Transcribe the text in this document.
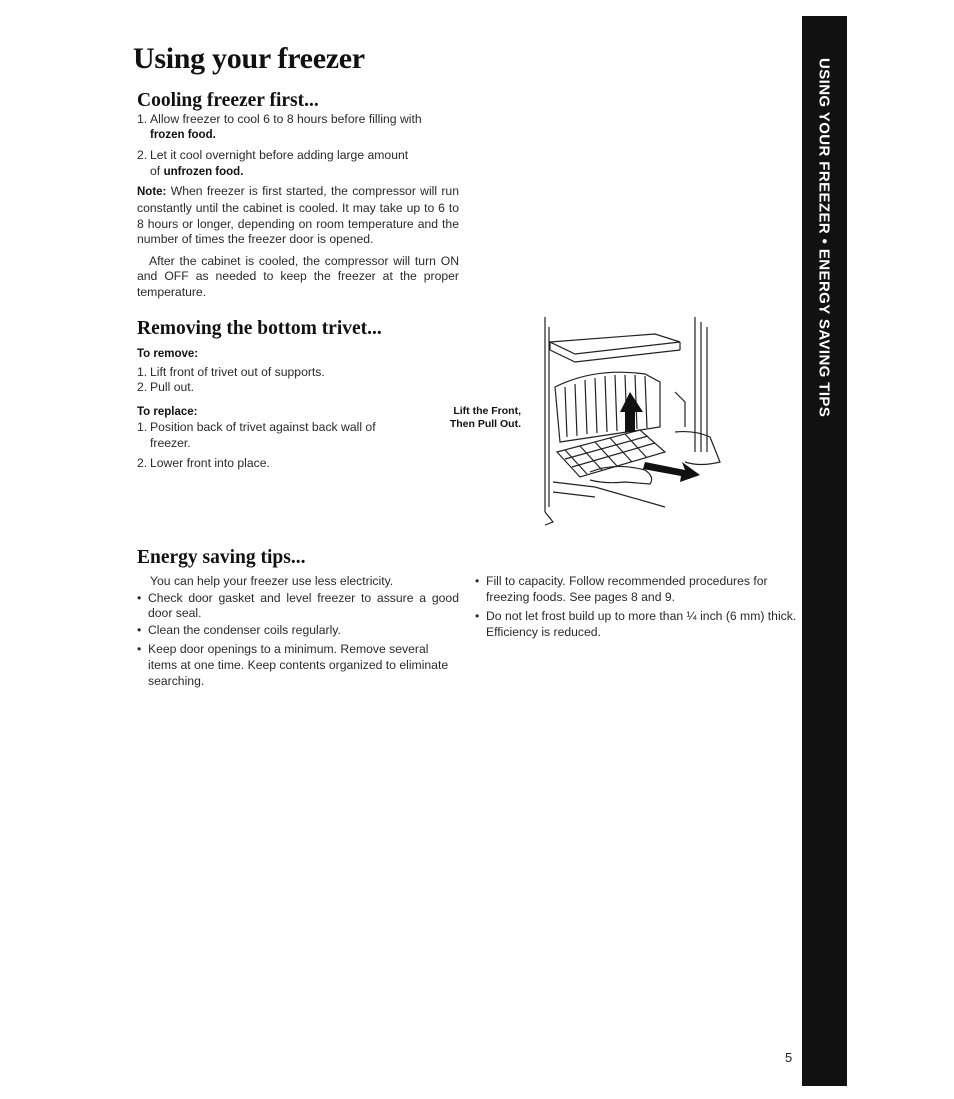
Using your freezer
Cooling freezer first...

1. Allow freezer to cool 6 to 8 hours before filling with

frozen food.

2. Let it cool overnight before adding large amount

of unfrozen food.

Note: When freezer is first started, the compressor will run constantly until the cabinet is cooled. It may take up to 6 to 8 hours or longer, depending on room temperature and the number of times the freezer door is opened.

After the cabinet is cooled, the compressor will turn ON and OFF as needed to keep the freezer at the proper temperature.

Removing the bottom trivet...

To remove:

1. Lift front of trivet out of supports.

2. Pull out.

To replace:

1. Position back of trivet against back wall of freezer.

2. Lower front into place.

Lift the Front,
Then Pull Out.
Energy saving tips...

You can help your freezer use less electricity.

• Check door gasket and level freezer to assure a good door seal.
• Clean the condenser coils regularly.
• Keep door openings to a minimum. Remove several items at one time. Keep contents organized to eliminate searching.
• Fill to capacity. Follow recommended procedures for freezing foods. See pages 8 and 9.
• Do not let frost build up to more than ¼ inch (6 mm) thick. Efficiency is reduced.
USING YOUR FREEZER • ENERGY SAVING TIPS
5
